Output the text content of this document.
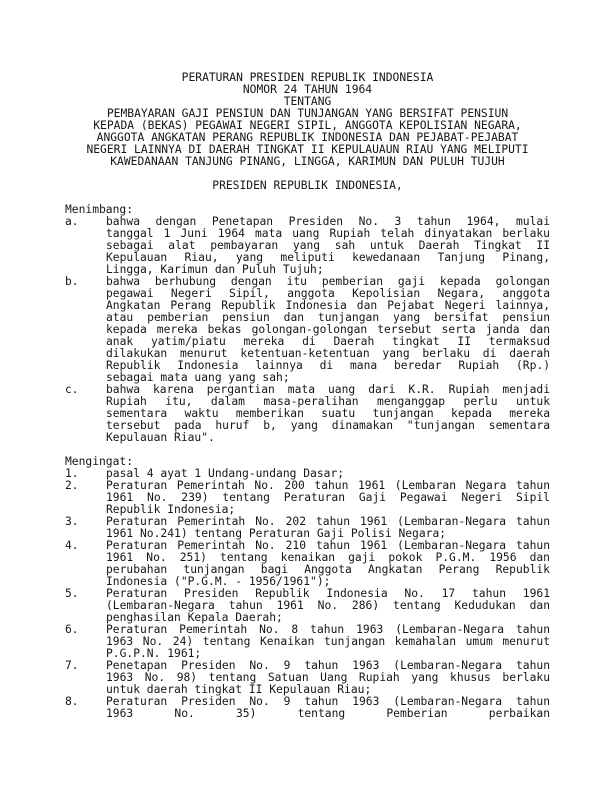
PERATURAN PRESIDEN REPUBLIK INDONESIA
NOMOR 24 TAHUN 1964
TENTANG
PEMBAYARAN GAJI PENSIUN DAN TUNJANGAN YANG BERSIFAT PENSIUN
KEPADA (BEKAS) PEGAWAI NEGERI SIPIL, ANGGOTA KEPOLISIAN NEGARA,
ANGGOTA ANGKATAN PERANG REPUBLIK INDONESIA DAN PEJABAT-PEJABAT
NEGERI LAINNYA DI DAERAH TINGKAT II KEPULAUAUN RIAU YANG MELIPUTI
KAWEDANAAN TANJUNG PINANG, LINGGA, KARIMUN DAN PULUH TUJUH
PRESIDEN REPUBLIK INDONESIA,
Menimbang:
a.	bahwa dengan Penetapan Presiden No. 3 tahun 1964, mulai
tanggal 1 Juni 1964 mata uang Rupiah telah dinyatakan berlaku
sebagai alat pembayaran yang sah untuk Daerah Tingkat II
Kepulauan Riau, yang meliputi kewedanaan Tanjung Pinang,
Lingga, Karimun dan Puluh Tujuh;
b.	bahwa berhubung dengan itu pemberian gaji kepada golongan
pegawai Negeri Sipil, anggota Kepolisian Negara, anggota
Angkatan Perang Republik Indonesia dan Pejabat Negeri lainnya,
atau pemberian pensiun dan tunjangan yang bersifat pensiun
kepada mereka bekas golongan-golongan tersebut serta janda dan
anak yatim/piatu mereka di Daerah tingkat II termaksud
dilakukan menurut ketentuan-ketentuan yang berlaku di daerah
Republik Indonesia lainnya di mana beredar Rupiah (Rp.)
sebagai mata uang yang sah;
c.	bahwa karena pergantian mata uang dari K.R. Rupiah menjadi
Rupiah itu, dalam masa-peralihan menganggap perlu untuk
sementara waktu memberikan suatu tunjangan kepada mereka
tersebut pada huruf b, yang dinamakan "tunjangan sementara
Kepulauan Riau".
Mengingat:
1.	pasal 4 ayat 1 Undang-undang Dasar;
2.	Peraturan Pemerintah No. 200 tahun 1961 (Lembaran Negara tahun
1961 No. 239) tentang Peraturan Gaji Pegawai Negeri Sipil
Republik Indonesia;
3.	Peraturan Pemerintah No. 202 tahun 1961 (Lembaran-Negara tahun
1961 No.241) tentang Peraturan Gaji Polisi Negara;
4.	Peraturan Pemerintah No. 210 tahun 1961 (Lembaran-Negara tahun
1961 No. 251) tentang kenaikan gaji pokok P.G.M. 1956 dan
perubahan tunjangan bagi Anggota Angkatan Perang Republik
Indonesia ("P.G.M. - 1956/1961");
5.	Peraturan Presiden Republik Indonesia No. 17 tahun 1961
(Lembaran-Negara tahun 1961 No. 286) tentang Kedudukan dan
penghasilan Kepala Daerah;
6.	Peraturan Pemerintah No. 8 tahun 1963 (Lembaran-Negara tahun
1963 No. 24) tentang Kenaikan tunjangan kemahalan umum menurut
P.G.P.N. 1961;
7.	Penetapan Presiden No. 9 tahun 1963 (Lembaran-Negara tahun
1963 No. 98) tentang Satuan Uang Rupiah yang khusus berlaku
untuk daerah tingkat II Kepulauan Riau;
8.	Peraturan Presiden No. 9 tahun 1963 (Lembaran-Negara tahun
1963 No. 35) tentang Pemberian perbaikan
